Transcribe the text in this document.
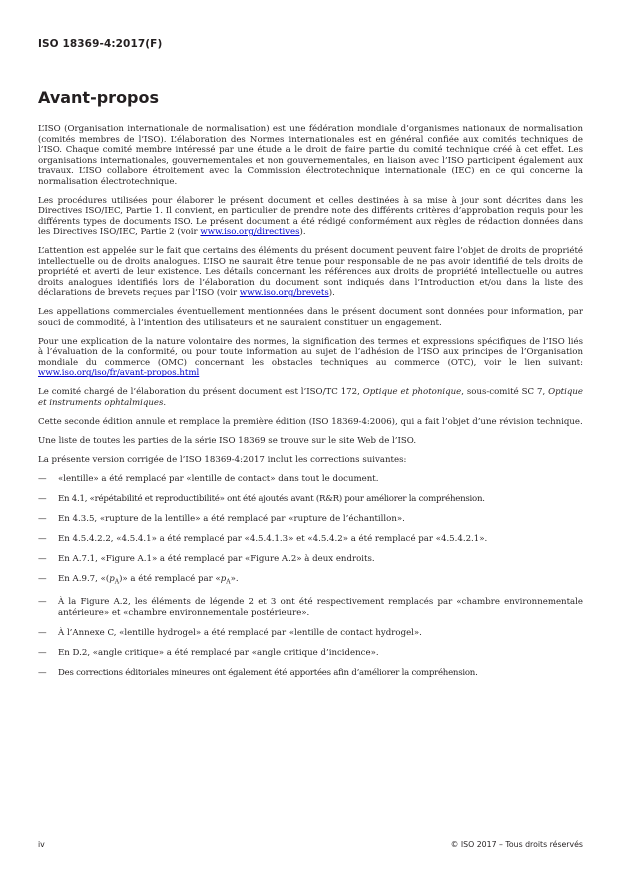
ISO 18369-4:2017(F)
Avant-propos

L’ISO (Organisation internationale de normalisation) est une fédération mondiale d’organismes nationaux de normalisation (comités membres de l’ISO). L’élaboration des Normes internationales est en général confiée aux comités techniques de l’ISO. Chaque comité membre intéressé par une étude a le droit de faire partie du comité technique créé à cet effet. Les organisations internationales, gouvernementales et non gouvernementales, en liaison avec l’ISO participent également aux travaux. L’ISO collabore étroitement avec la Commission électrotechnique internationale (IEC) en ce qui concerne la normalisation électrotechnique.

Les procédures utilisées pour élaborer le présent document et celles destinées à sa mise à jour sont décrites dans les Directives ISO/IEC, Partie 1. Il convient, en particulier de prendre note des différents critères d’approbation requis pour les différents types de documents ISO. Le présent document a été rédigé conformément aux règles de rédaction données dans les Directives ISO/IEC, Partie 2 (voir www.iso.org/directives).

L’attention est appelée sur le fait que certains des éléments du présent document peuvent faire l’objet de droits de propriété intellectuelle ou de droits analogues. L’ISO ne saurait être tenue pour responsable de ne pas avoir identifié de tels droits de propriété et averti de leur existence. Les détails concernant les références aux droits de propriété intellectuelle ou autres droits analogues identifiés lors de l’élaboration du document sont indiqués dans l’Introduction et/ou dans la liste des déclarations de brevets reçues par l’ISO (voir www.iso.org/brevets).

Les appellations commerciales éventuellement mentionnées dans le présent document sont données pour information, par souci de commodité, à l’intention des utilisateurs et ne sauraient constituer un engagement.

Pour une explication de la nature volontaire des normes, la signification des termes et expressions spécifiques de l’ISO liés à l’évaluation de la conformité, ou pour toute information au sujet de l’adhésion de l’ISO aux principes de l’Organisation mondiale du commerce (OMC) concernant les obstacles techniques au commerce (OTC), voir le lien suivant: www.iso.org/iso/fr/avant-propos.html

Le comité chargé de l’élaboration du présent document est l’ISO/TC 172, Optique et photonique, sous-comité SC 7, Optique et instruments ophtalmiques.

Cette seconde édition annule et remplace la première édition (ISO 18369-4:2006), qui a fait l’objet d’une révision technique.

Une liste de toutes les parties de la série ISO 18369 se trouve sur le site Web de l’ISO.

La présente version corrigée de l’ISO 18369-4:2017 inclut les corrections suivantes:

—	«lentille» a été remplacé par «lentille de contact» dans tout le document.
—	En 4.1, «répétabilité et reproductibilité» ont été ajoutés avant (R&R) pour améliorer la compréhension.
—	En 4.3.5, «rupture de la lentille» a été remplacé par «rupture de l’échantillon».
—	En 4.5.4.2.2, «4.5.4.1» a été remplacé par «4.5.4.1.3» et «4.5.4.2» a été remplacé par «4.5.4.2.1».
—	En A.7.1, «Figure A.1» a été remplacé par «Figure A.2» à deux endroits.
—	En A.9.7, «$(p_A)$» a été remplacé par «$p_A$».
—	À la Figure A.2, les éléments de légende 2 et 3 ont été respectivement remplacés par «chambre environnementale antérieure» et «chambre environnementale postérieure».
—	À l’Annexe C, «lentille hydrogel» a été remplacé par «lentille de contact hydrogel».
—	En D.2, «angle critique» a été remplacé par «angle critique d’incidence».
—	Des corrections éditoriales mineures ont également été apportées afin d’améliorer la compréhension.
iv	© ISO 2017 – Tous droits réservés
